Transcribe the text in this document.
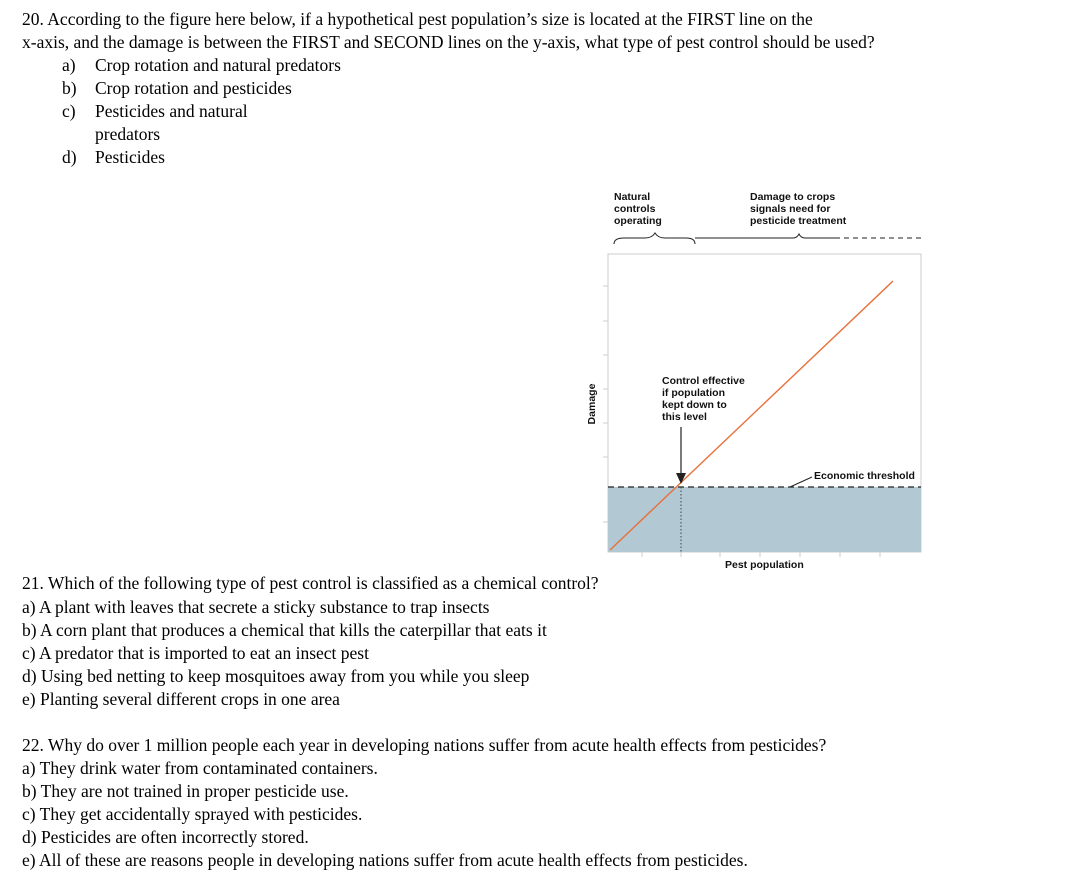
20. According to the figure here below, if a hypothetical pest population’s size is located at the FIRST line on the
x-axis, and the damage is between the FIRST and SECOND lines on the y-axis, what type of pest control should be used?
a) Crop rotation and natural predators
b) Crop rotation and pesticides
c) Pesticides and natural
predators
d) Pesticides
Damage
Natural
controls
operating
Damage to crops
signals need for
pesticide treatment
Control effective
if population
kept down to
this level
Economic threshold
Pest population
21. Which of the following type of pest control is classified as a chemical control?
a) A plant with leaves that secrete a sticky substance to trap insects
b) A corn plant that produces a chemical that kills the caterpillar that eats it
c) A predator that is imported to eat an insect pest
d) Using bed netting to keep mosquitoes away from you while you sleep
e) Planting several different crops in one area
22. Why do over 1 million people each year in developing nations suffer from acute health effects from pesticides?
a) They drink water from contaminated containers.
b) They are not trained in proper pesticide use.
c) They get accidentally sprayed with pesticides.
d) Pesticides are often incorrectly stored.
e) All of these are reasons people in developing nations suffer from acute health effects from pesticides.
